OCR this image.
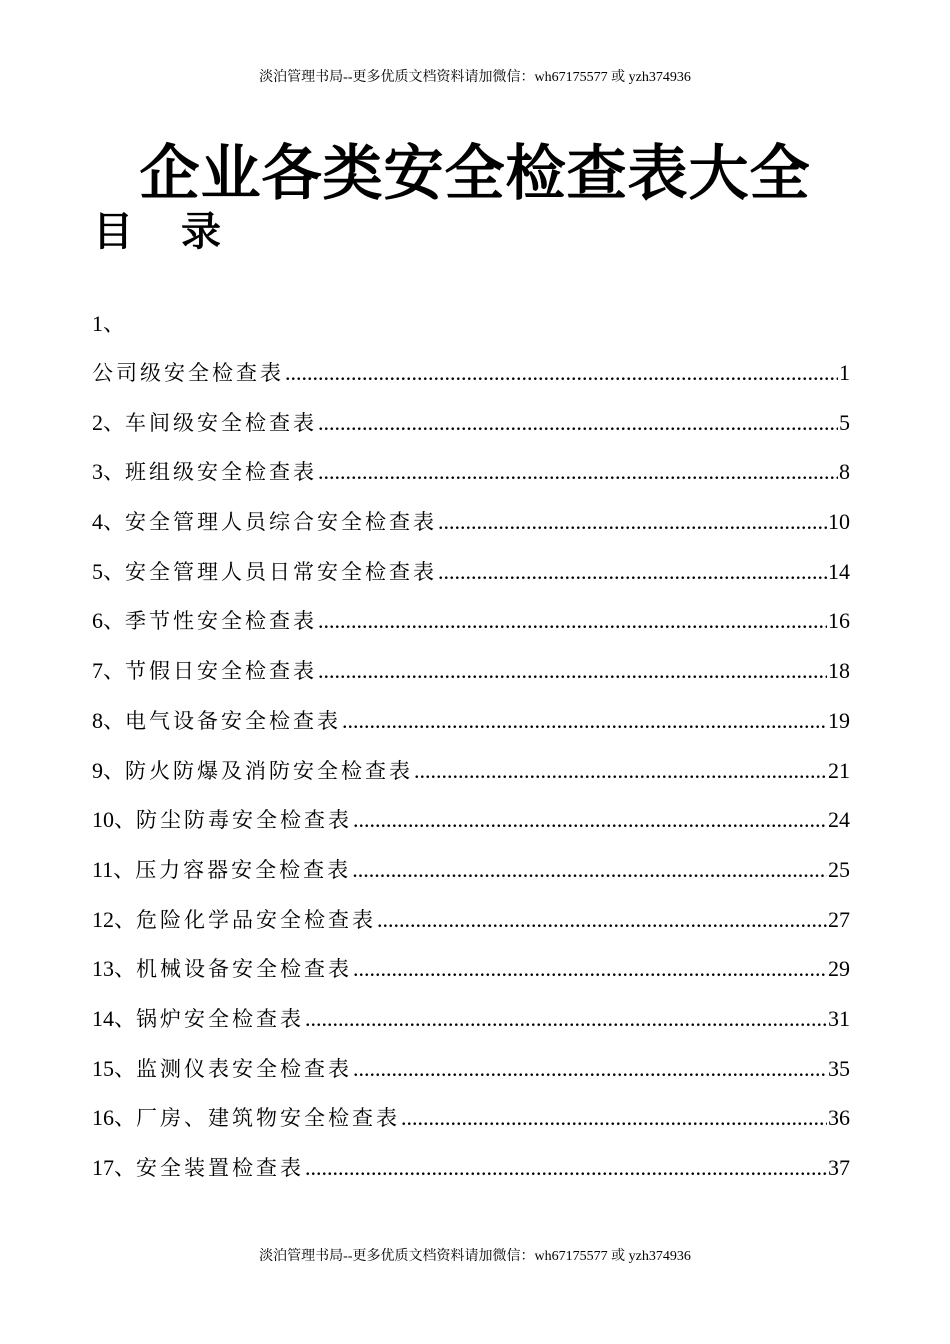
淡泊管理书局--更多优质文档资料请加微信：wh67175577 或 yzh374936
企业各类安全检查表大全
目录
1、
公司级安全检查表 .....	1
2、 车间级安全检查表 .....	5
3、 班组级安全检查表 .....	8
4、 安全管理人员综合安全检查表 .....	10
5、 安全管理人员日常安全检查表 .....	14
6、 季节性安全检查表 .....	16
7、 节假日安全检查表 .....	18
8、 电气设备安全检查表 .....	19
9、 防火防爆及消防安全检查表 .....	21
10、 防尘防毒安全检查表 .....	24
11、 压力容器安全检查表 .....	25
12、 危险化学品安全检查表 .....	27
13、 机械设备安全检查表 .....	29
14、 锅炉安全检查表 .....	31
15、 监测仪表安全检查表 .....	35
16、 厂房、建筑物安全检查表 .....	36
17、 安全装置检查表 .....	37
淡泊管理书局--更多优质文档资料请加微信：wh67175577 或 yzh374936
